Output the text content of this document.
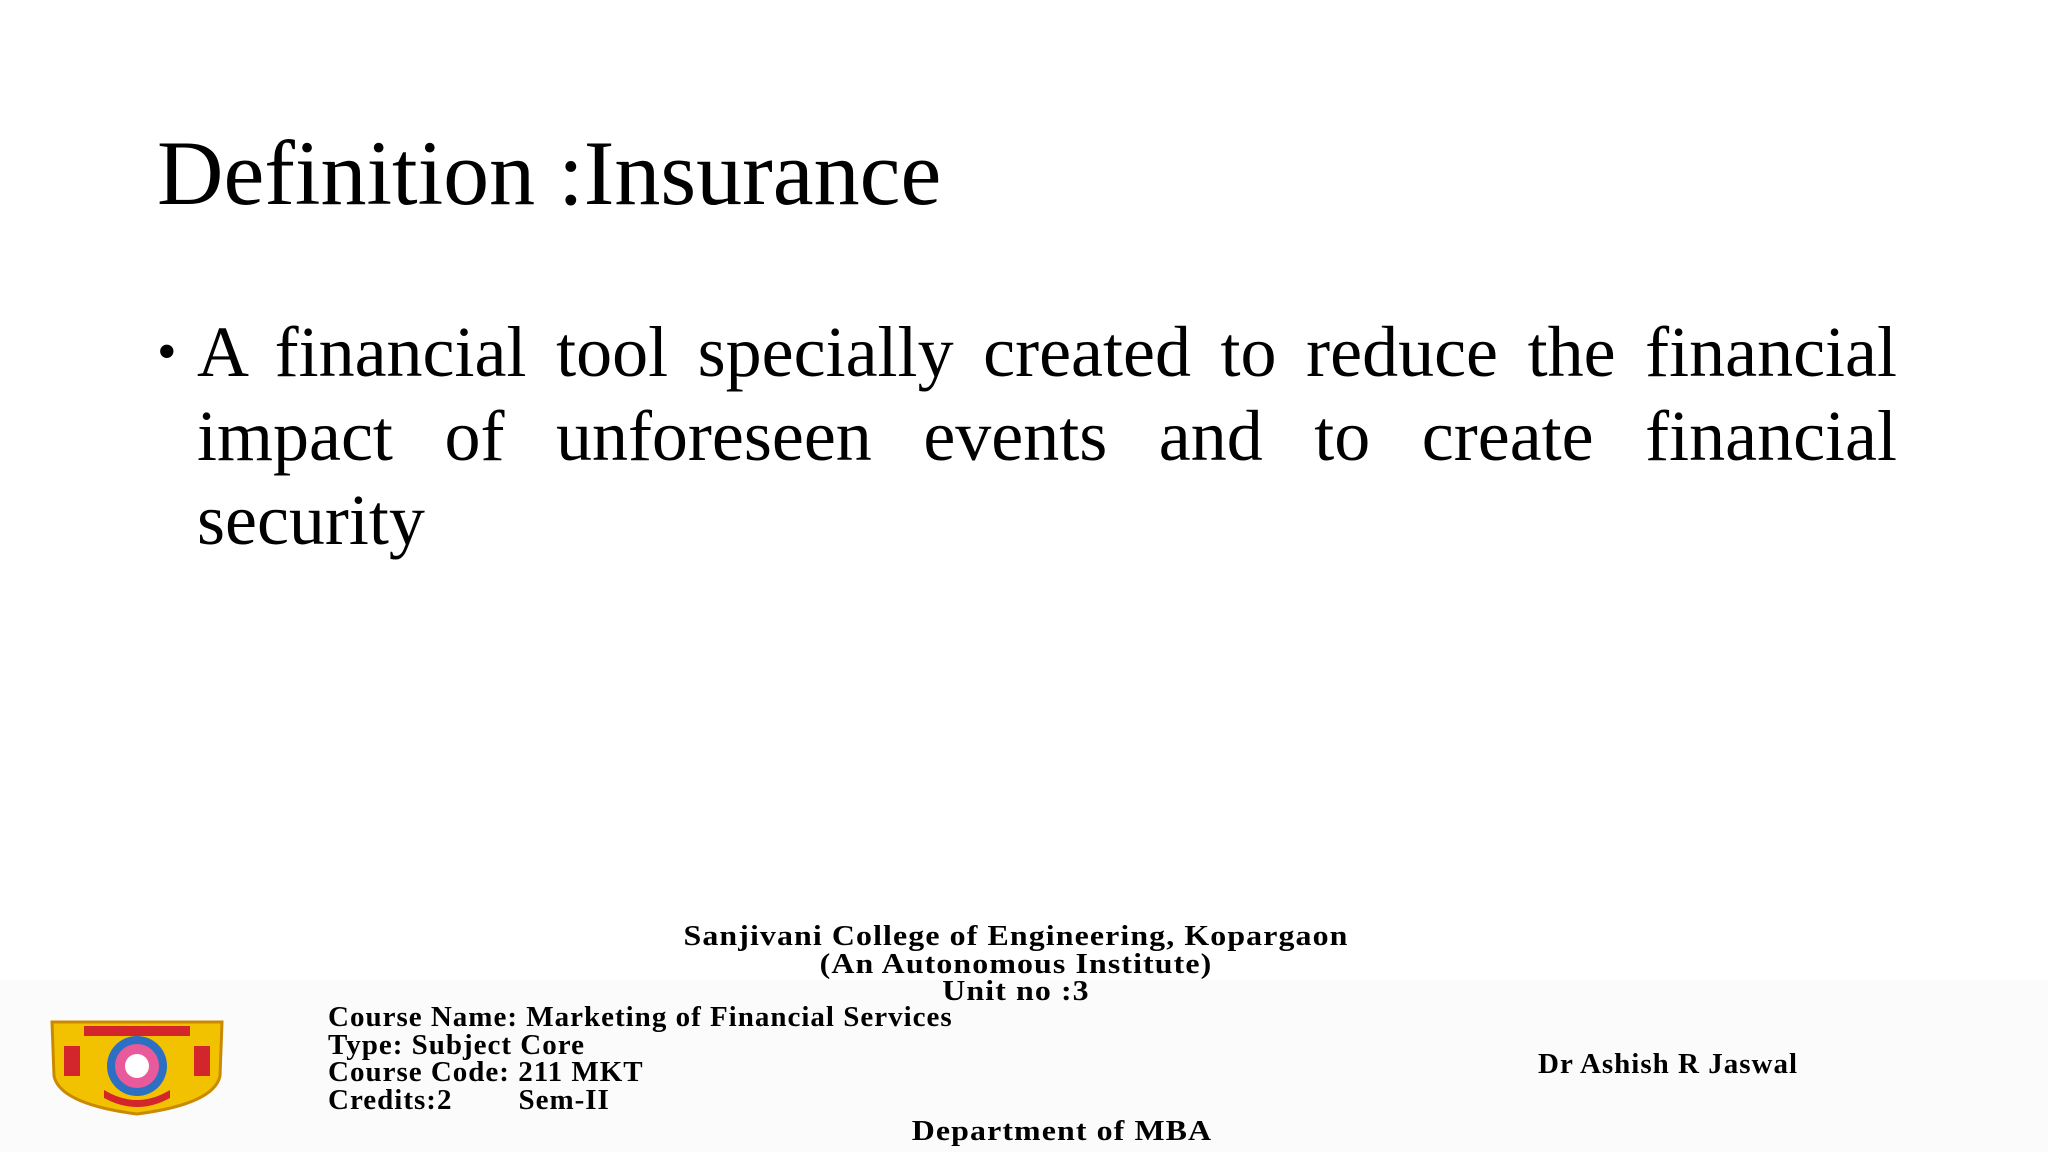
Definition :Insurance
• A financial tool specially created to reduce the financial impact of unforeseen events and to create financial security
Sanjivani College of Engineering, Kopargaon
(An Autonomous Institute)
Unit no :3
Course Name: Marketing of Financial Services
Type: Subject Core
Course Code: 211 MKT
Credits:2 Sem-II
Dr Ashish R Jaswal
Department of MBA
